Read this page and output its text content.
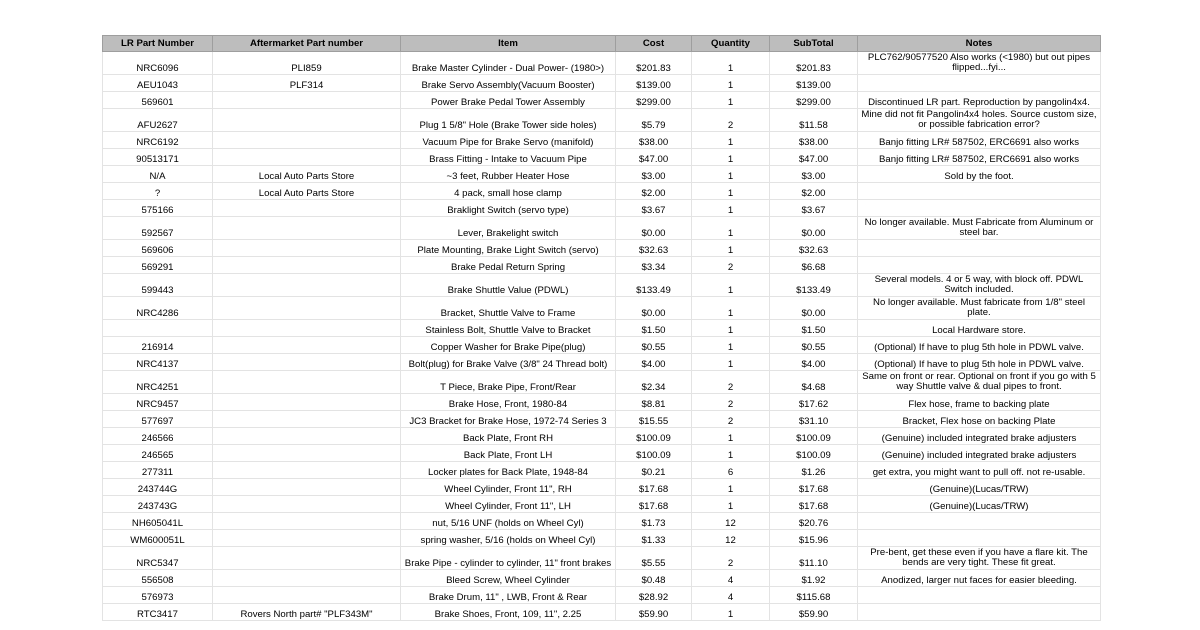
LR Part Number	Aftermarket Part number	Item	Cost	Quantity	SubTotal	Notes
NRC6096	PLI859	Brake Master Cylinder - Dual Power- (1980>)	$201.83	1	$201.83	PLC762/90577520 Also works (<1980) but out pipes flipped...fyi...
AEU1043	PLF314	Brake Servo Assembly(Vacuum Booster)	$139.00	1	$139.00	
569601		Power Brake Pedal Tower Assembly	$299.00	1	$299.00	Discontinued LR part. Reproduction by pangolin4x4.
AFU2627		Plug 1 5/8" Hole (Brake Tower side holes)	$5.79	2	$11.58	Mine did not fit Pangolin4x4 holes. Source custom size, or possible fabrication error?
NRC6192		Vacuum Pipe for Brake Servo (manifold)	$38.00	1	$38.00	Banjo fitting LR# 587502, ERC6691 also works
90513171		Brass Fitting - Intake to Vacuum Pipe	$47.00	1	$47.00	Banjo fitting LR# 587502, ERC6691 also works
N/A	Local Auto Parts Store	~3 feet, Rubber Heater Hose	$3.00	1	$3.00	Sold by the foot.
?	Local Auto Parts Store	4 pack, small hose clamp	$2.00	1	$2.00	
575166		Braklight Switch (servo type)	$3.67	1	$3.67	
592567		Lever, Brakelight switch	$0.00	1	$0.00	No longer available. Must Fabricate from Aluminum or steel bar.
569606		Plate Mounting, Brake Light Switch (servo)	$32.63	1	$32.63	
569291		Brake Pedal Return Spring	$3.34	2	$6.68	
599443		Brake Shuttle Value (PDWL)	$133.49	1	$133.49	Several models. 4 or 5 way, with block off. PDWL Switch included.
NRC4286		Bracket, Shuttle Valve to Frame	$0.00	1	$0.00	No longer available. Must fabricate from 1/8" steel plate.
		Stainless Bolt, Shuttle Valve to Bracket	$1.50	1	$1.50	Local Hardware store.
216914		Copper Washer for Brake Pipe(plug)	$0.55	1	$0.55	(Optional) If have to plug 5th hole in PDWL valve.
NRC4137		Bolt(plug) for Brake Valve (3/8" 24 Thread bolt)	$4.00	1	$4.00	(Optional) If have to plug 5th hole in PDWL valve.
NRC4251		T Piece, Brake Pipe, Front/Rear	$2.34	2	$4.68	Same on front or rear. Optional on front if you go with 5 way Shuttle valve & dual pipes to front.
NRC9457		Brake Hose, Front, 1980-84	$8.81	2	$17.62	Flex hose, frame to backing plate
577697		JC3 Bracket for Brake Hose, 1972-74 Series 3	$15.55	2	$31.10	Bracket, Flex hose on backing Plate
246566		Back Plate, Front RH	$100.09	1	$100.09	(Genuine) included integrated brake adjusters
246565		Back Plate, Front LH	$100.09	1	$100.09	(Genuine) included integrated brake adjusters
277311		Locker plates for Back Plate, 1948-84	$0.21	6	$1.26	get extra, you might want to pull off. not re-usable.
243744G		Wheel Cylinder, Front 11", RH	$17.68	1	$17.68	(Genuine)(Lucas/TRW)
243743G		Wheel Cylinder, Front 11", LH	$17.68	1	$17.68	(Genuine)(Lucas/TRW)
NH605041L		nut, 5/16 UNF (holds on Wheel Cyl)	$1.73	12	$20.76	
WM600051L		spring washer, 5/16 (holds on Wheel Cyl)	$1.33	12	$15.96	
NRC5347		Brake Pipe - cylinder to cylinder, 11" front brakes	$5.55	2	$11.10	Pre-bent, get these even if you have a flare kit. The bends are very tight. These fit great.
556508		Bleed Screw, Wheel Cylinder	$0.48	4	$1.92	Anodized, larger nut faces for easier bleeding.
576973		Brake Drum, 11" , LWB, Front & Rear	$28.92	4	$115.68	
RTC3417	Rovers North part# "PLF343M"	Brake Shoes, Front, 109, 11", 2.25	$59.90	1	$59.90	
